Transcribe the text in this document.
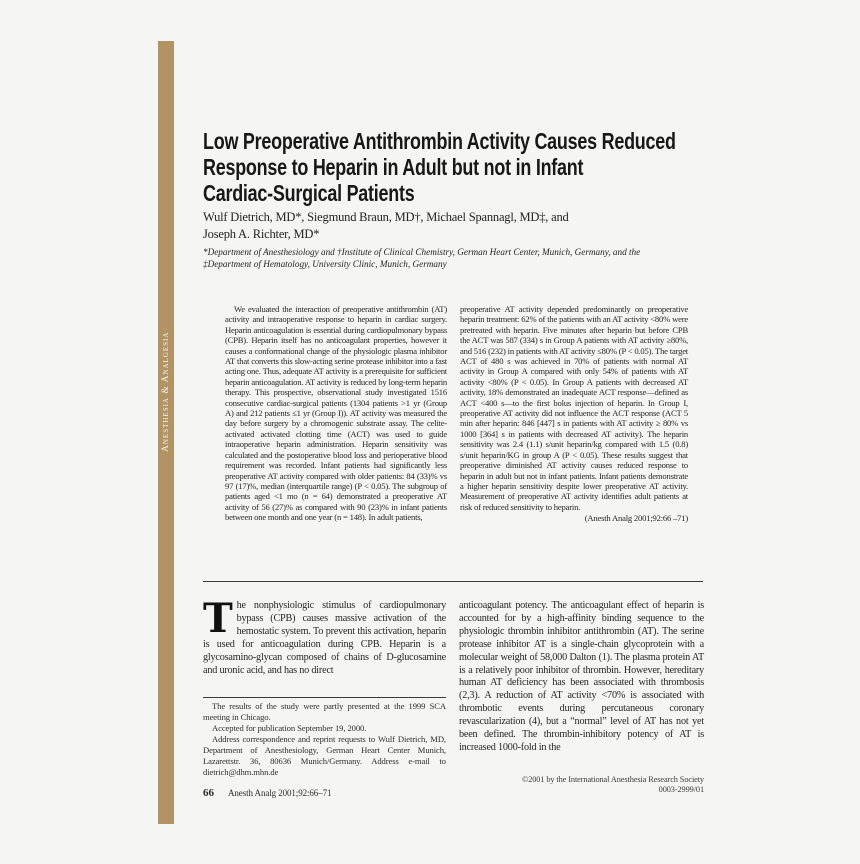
Anesthesia & Analgesia
Low Preoperative Antithrombin Activity Causes Reduced
Response to Heparin in Adult but not in Infant
Cardiac-Surgical Patients
Wulf Dietrich, MD*, Siegmund Braun, MD†, Michael Spannagl, MD‡, and
Joseph A. Richter, MD*
*Department of Anesthesiology and †Institute of Clinical Chemistry, German Heart Center, Munich, Germany, and the
‡Department of Hematology, University Clinic, Munich, Germany

We evaluated the interaction of preoperative antithrombin (AT) activity and intraoperative response to heparin in cardiac surgery. Heparin anticoagulation is essential during cardiopulmonary bypass (CPB). Heparin itself has no anticoagulant properties, however it causes a conformational change of the physiologic plasma inhibitor AT that converts this slow-acting serine protease inhibitor into a fast acting one. Thus, adequate AT activity is a prerequisite for sufficient heparin anticoagulation. AT activity is reduced by long-term heparin therapy. This prospective, observational study investigated 1516 consecutive cardiac-surgical patients (1304 patients >1 yr (Group A) and 212 patients ≤1 yr (Group I)). AT activity was measured the day before surgery by a chromogenic substrate assay. The celite-activated activated clotting time (ACT) was used to guide intraoperative heparin administration. Heparin sensitivity was calculated and the postoperative blood loss and perioperative blood requirement was recorded. Infant patients had significantly less preoperative AT activity compared with older patients: 84 (33)% vs 97 (17)%, median (interquartile range) (P < 0.05). The subgroup of patients aged <1 mo (n = 64) demonstrated a preoperative AT activity of 56 (27)% as compared with 90 (23)% in infant patients between one month and one year (n = 148). In adult patients,

preoperative AT activity depended predominantly on preoperative heparin treatment: 62% of the patients with an AT activity <80% were pretreated with heparin. Five minutes after heparin but before CPB the ACT was 587 (334) s in Group A patients with AT activity ≥80%, and 516 (232) in patients with AT activity ≤80% (P < 0.05). The target ACT of 480 s was achieved in 70% of patients with normal AT activity in Group A compared with only 54% of patients with AT activity <80% (P < 0.05). In Group A patients with decreased AT activity, 18% demonstrated an inadequate ACT response—defined as ACT <400 s—to the first bolus injection of heparin. In Group I, preoperative AT activity did not influence the ACT response (ACT 5 min after heparin: 846 [447] s in patients with AT activity ≥ 80% vs 1000 [364] s in patients with decreased AT activity). The heparin sensitivity was 2.4 (1.1) s/unit heparin/kg compared with 1.5 (0.8) s/unit heparin/KG in group A (P < 0.05). These results suggest that preoperative diminished AT activity causes reduced response to heparin in adult but not in infant patients. Infant patients demonstrate a higher heparin sensitivity despite lower preoperative AT activity. Measurement of preoperative AT activity identifies adult patients at risk of reduced sensitivity to heparin.

(Anesth Analg 2001;92:66 –71)

The nonphysiologic stimulus of cardiopulmonary bypass (CPB) causes massive activation of the hemostatic system. To prevent this activation, heparin is used for anticoagulation during CPB. Heparin is a glycosamino-glycan composed of chains of D-glucosamine and uronic acid, and has no direct

anticoagulant potency. The anticoagulant effect of heparin is accounted for by a high-affinity binding sequence to the physiologic thrombin inhibitor antithrombin (AT). The serine protease inhibitor AT is a single-chain glycoprotein with a molecular weight of 58,000 Dalton (1). The plasma protein AT is a relatively poor inhibitor of thrombin. However, hereditary human AT deficiency has been associated with thrombosis (2,3). A reduction of AT activity <70% is associated with thrombotic events during percutaneous coronary revascularization (4), but a “normal” level of AT has not yet been defined. The thrombin-inhibitory potency of AT is increased 1000-fold in the

The results of the study were partly presented at the 1999 SCA meeting in Chicago.

Accepted for publication September 19, 2000.

Address correspondence and reprint requests to Wulf Dietrich, MD, Department of Anesthesiology, German Heart Center Munich, Lazarettstr. 36, 80636 Munich/Germany. Address e-mail to dietrich@dhm.mhn.de

66 Anesth Analg 2001;92:66–71
©2001 by the International Anesthesia Research Society
0003-2999/01
